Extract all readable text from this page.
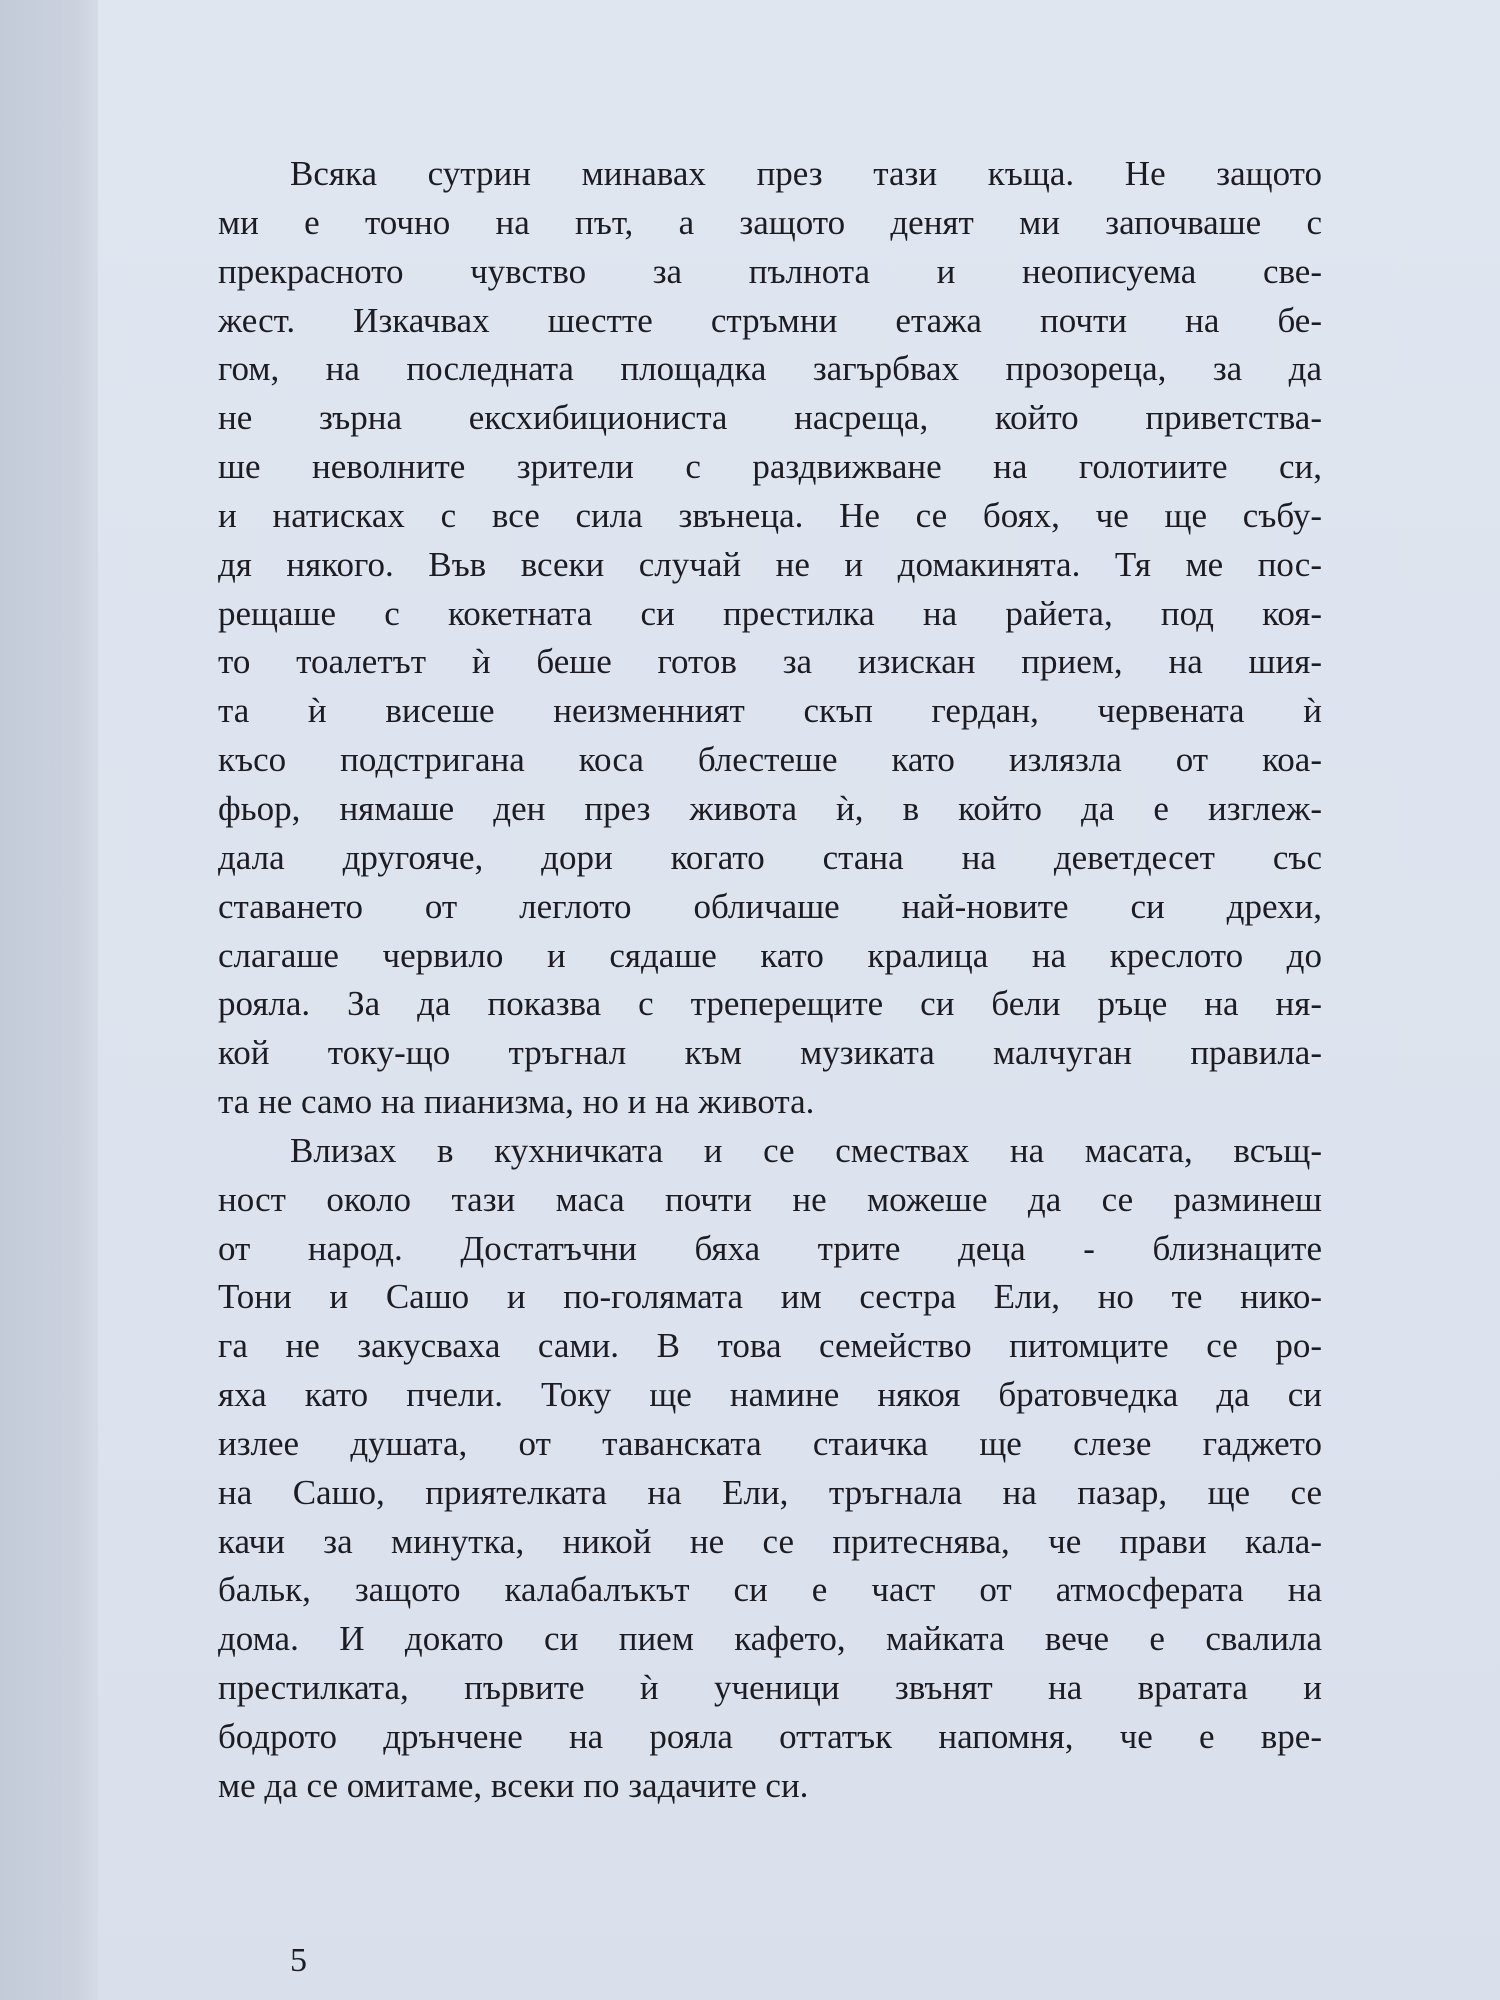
Всяка сутрин минавах през тази къща. Не защото
ми е точно на път, а защото денят ми започваше с
прекрасното чувство за пълнота и неописуема све-
жест. Изкачвах шестте стръмни етажа почти на бе-
гом, на последната площадка загърбвах прозореца, за да
не зърна ексхибициониста насреща, който приветства-
ше неволните зрители с раздвижване на голотиите си,
и натисках с все сила звънеца. Не се боях, че ще събу-
дя някого. Във всеки случай не и домакинята. Тя ме пос-
рещаше с кокетната си престилка на райета, под коя-
то тоалетът ѝ беше готов за изискан прием, на шия-
та ѝ висеше неизменният скъп гердан, червената ѝ
късо подстригана коса блестеше като излязла от коа-
фьор, нямаше ден през живота ѝ, в който да е изглеж-
дала другояче, дори когато стана на деветдесет със
ставането от леглото обличаше най-новите си дрехи,
слагаше червило и сядаше като кралица на креслото до
рояла. За да показва с треперещите си бели ръце на ня-
кой току-що тръгнал към музиката малчуган правила-
та не само на пианизма, но и на живота.
Влизах в кухничката и се смествах на масата, всъщ-
ност около тази маса почти не можеше да се разминеш
от народ. Достатъчни бяха трите деца - близнаците
Тони и Сашо и по-голямата им сестра Ели, но те нико-
га не закусваха сами. В това семейство питомците се ро-
яха като пчели. Току ще намине някоя братовчедка да си
излее душата, от таванската стаичка ще слезе гаджето
на Сашо, приятелката на Ели, тръгнала на пазар, ще се
качи за минутка, никой не се притеснява, че прави кала-
бальк, защото калабалъкът си е част от атмосферата на
дома. И докато си пием кафето, майката вече е свалила
престилката, първите ѝ ученици звънят на вратата и
бодрото дрънчене на рояла оттатък напомня, че е вре-
ме да се омитаме, всеки по задачите си.
5
